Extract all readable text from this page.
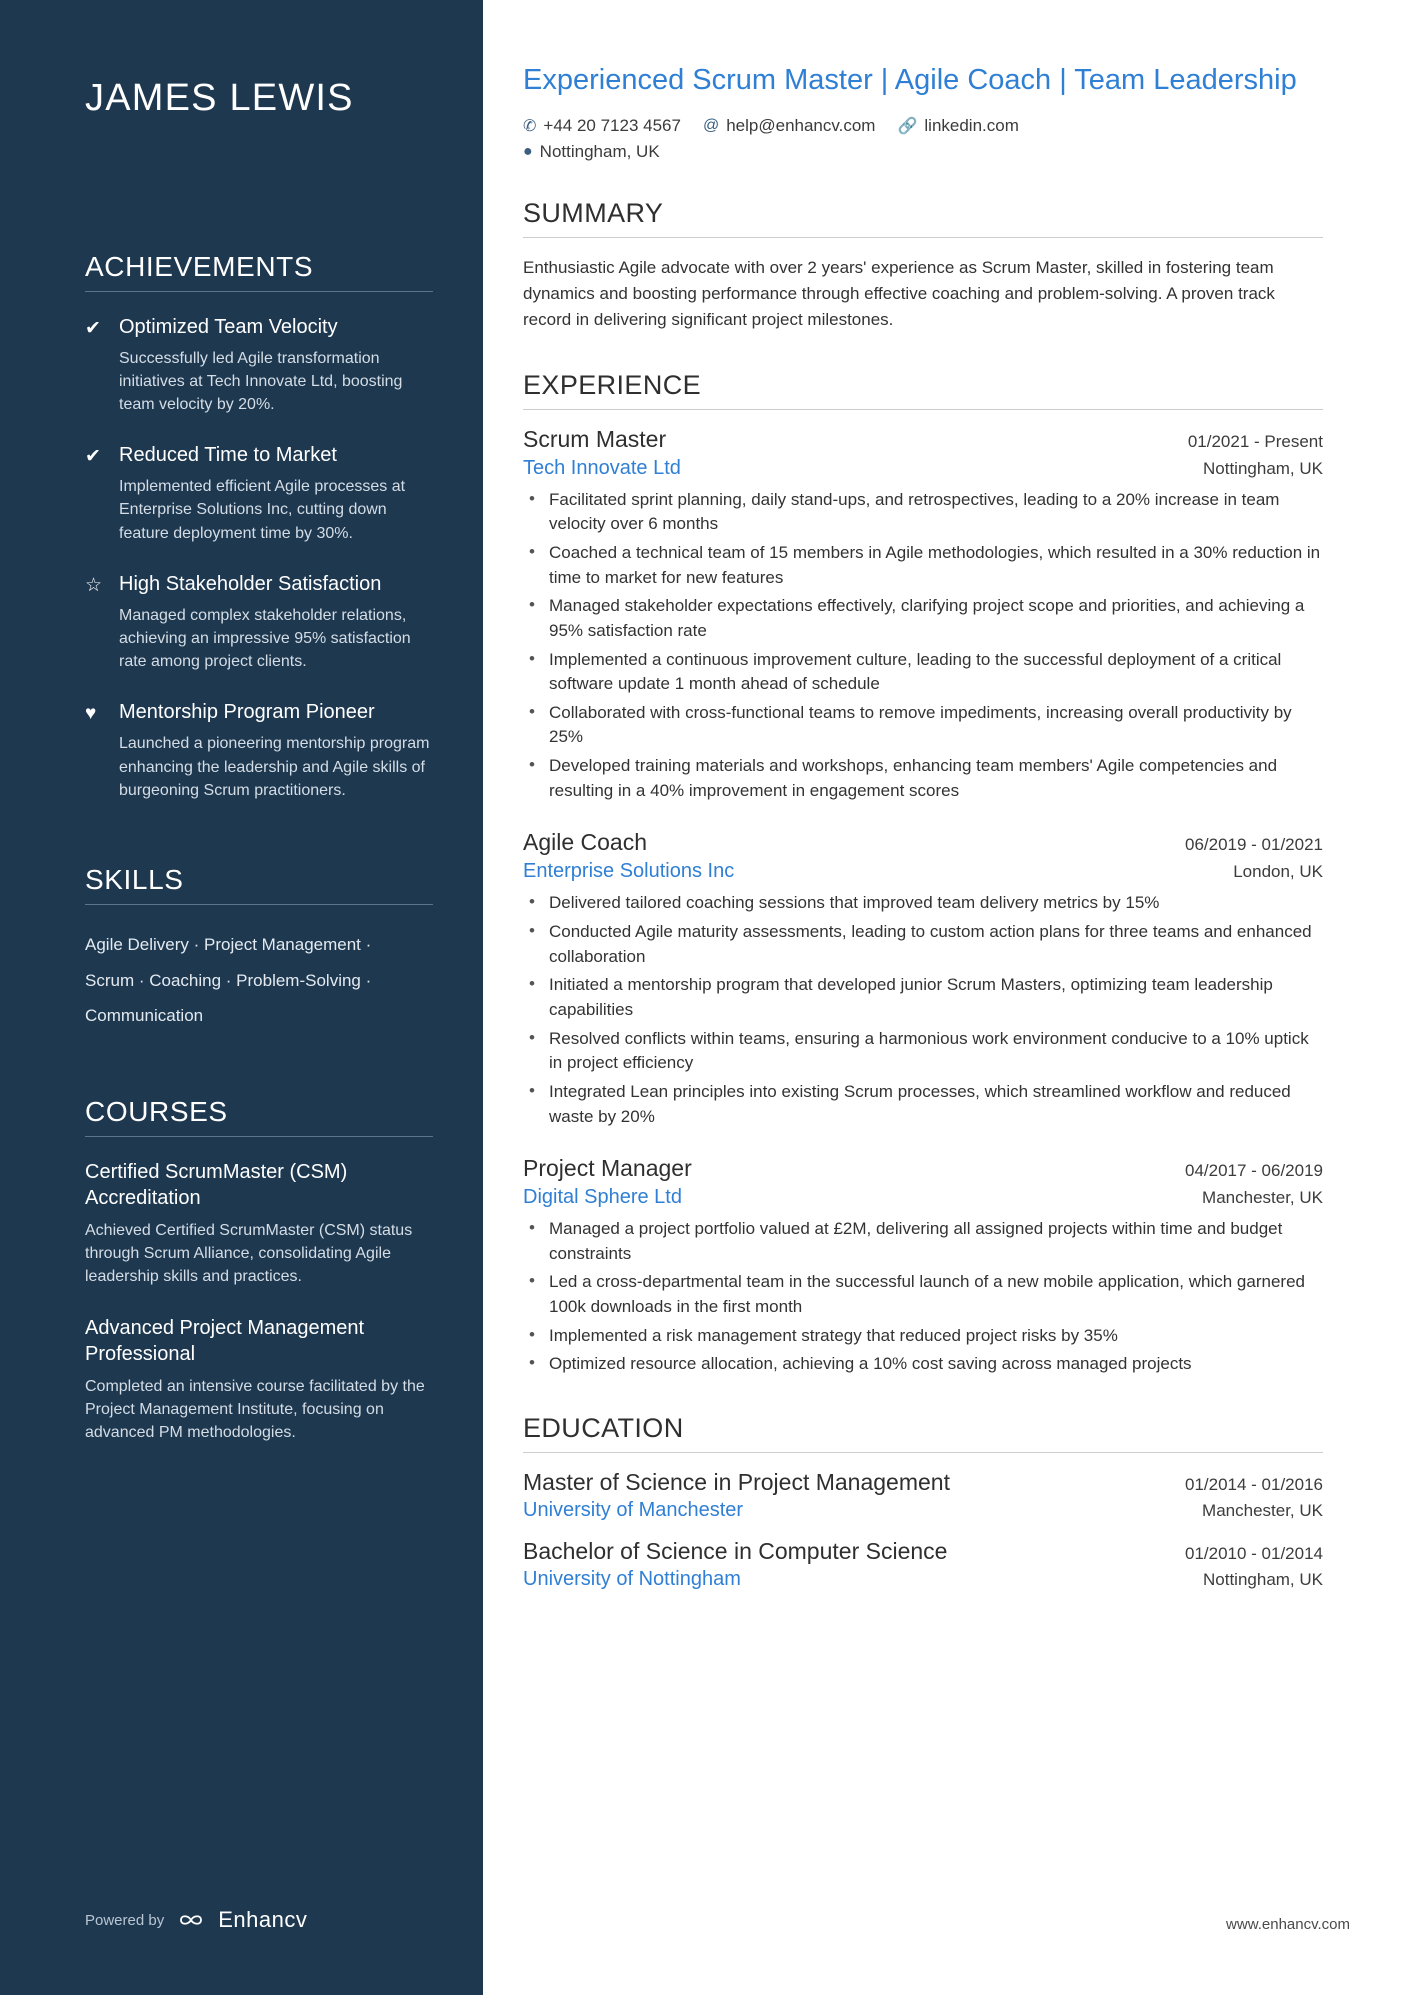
JAMES LEWIS
ACHIEVEMENTS
✔ Optimized Team Velocity
Successfully led Agile transformation initiatives at Tech Innovate Ltd, boosting team velocity by 20%.
✔ Reduced Time to Market
Implemented efficient Agile processes at Enterprise Solutions Inc, cutting down feature deployment time by 30%.
☆ High Stakeholder Satisfaction
Managed complex stakeholder relations, achieving an impressive 95% satisfaction rate among project clients.
♥	Mentorship Program Pioneer
Launched a pioneering mentorship program enhancing the leadership and Agile skills of burgeoning Scrum practitioners.
SKILLS
Agile Delivery · Project Management ·
Scrum · Coaching · Problem-Solving ·
Communication
COURSES
Certified ScrumMaster (CSM) Accreditation
Achieved Certified ScrumMaster (CSM) status through Scrum Alliance, consolidating Agile leadership skills and practices.
Advanced Project Management Professional
Completed an intensive course facilitated by the Project Management Institute, focusing on advanced PM methodologies.
Powered by Enhancv
Experienced Scrum Master | Agile Coach | Team Leadership
✆ +44 20 7123 4567 @ help@enhancv.com 🔗 linkedin.com
● Nottingham, UK
SUMMARY

Enthusiastic Agile advocate with over 2 years' experience as Scrum Master, skilled in fostering team dynamics and boosting performance through effective coaching and problem-solving. A proven track record in delivering significant project milestones.

EXPERIENCE
Scrum Master	01/2021 - Present
Tech Innovate Ltd	Nottingham, UK
• Facilitated sprint planning, daily stand-ups, and retrospectives, leading to a 20% increase in team velocity over 6 months
• Coached a technical team of 15 members in Agile methodologies, which resulted in a 30% reduction in time to market for new features
• Managed stakeholder expectations effectively, clarifying project scope and priorities, and achieving a 95% satisfaction rate
• Implemented a continuous improvement culture, leading to the successful deployment of a critical software update 1 month ahead of schedule
• Collaborated with cross-functional teams to remove impediments, increasing overall productivity by 25%
• Developed training materials and workshops, enhancing team members' Agile competencies and resulting in a 40% improvement in engagement scores
Agile Coach	06/2019 - 01/2021
Enterprise Solutions Inc	London, UK
• Delivered tailored coaching sessions that improved team delivery metrics by 15%
• Conducted Agile maturity assessments, leading to custom action plans for three teams and enhanced collaboration
• Initiated a mentorship program that developed junior Scrum Masters, optimizing team leadership capabilities
• Resolved conflicts within teams, ensuring a harmonious work environment conducive to a 10% uptick in project efficiency
• Integrated Lean principles into existing Scrum processes, which streamlined workflow and reduced waste by 20%
Project Manager	04/2017 - 06/2019
Digital Sphere Ltd	Manchester, UK
• Managed a project portfolio valued at £2M, delivering all assigned projects within time and budget constraints
• Led a cross-departmental team in the successful launch of a new mobile application, which garnered 100k downloads in the first month
• Implemented a risk management strategy that reduced project risks by 35%
• Optimized resource allocation, achieving a 10% cost saving across managed projects
EDUCATION
Master of Science in Project Management	01/2014 - 01/2016
University of Manchester	Manchester, UK
Bachelor of Science in Computer Science	01/2010 - 01/2014
University of Nottingham	Nottingham, UK
www.enhancv.com
